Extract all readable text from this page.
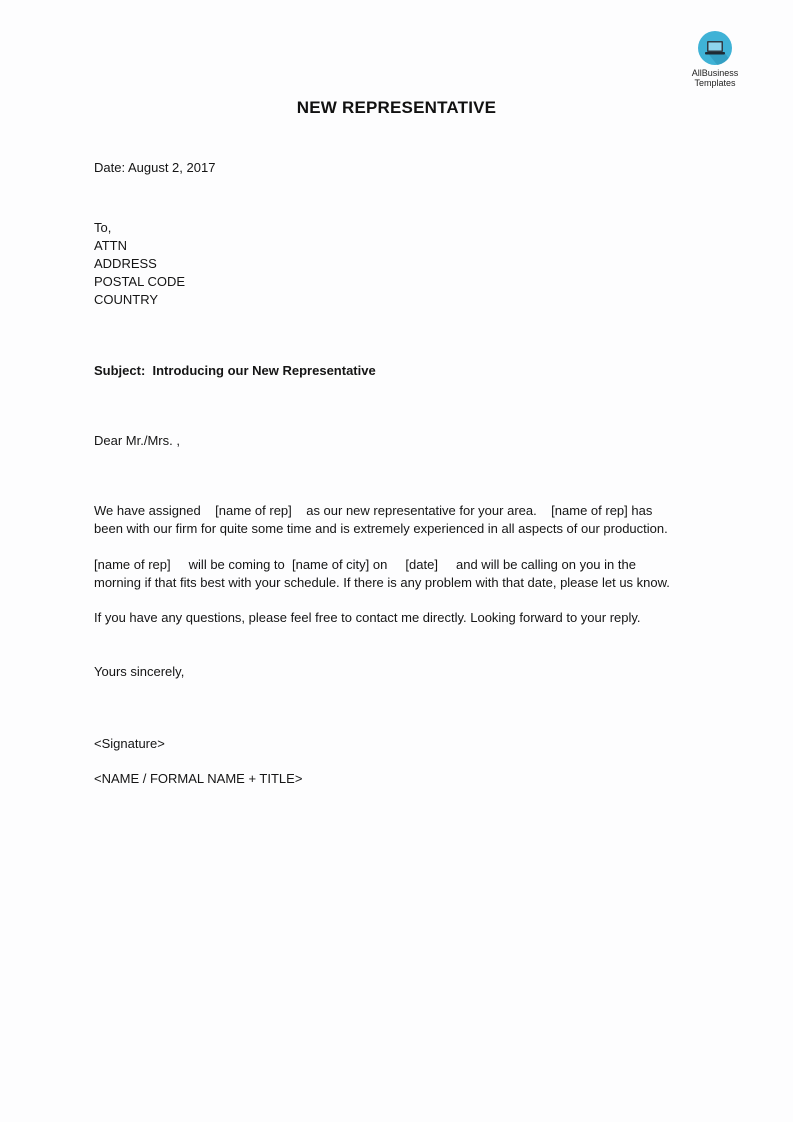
AllBusiness
Templates
NEW REPRESENTATIVE
Date: August 2, 2017
To,
ATTN
ADDRESS
POSTAL CODE
COUNTRY
Subject:  Introducing our New Representative
Dear Mr./Mrs. ,
We have assigned    [name of rep]    as our new representative for your area.    [name of rep] has
been with our firm for quite some time and is extremely experienced in all aspects of our production.
[name of rep]     will be coming to  [name of city] on     [date]     and will be calling on you in the
morning if that fits best with your schedule. If there is any problem with that date, please let us know.
If you have any questions, please feel free to contact me directly. Looking forward to your reply.
Yours sincerely,
<Signature>
<NAME / FORMAL NAME + TITLE>
